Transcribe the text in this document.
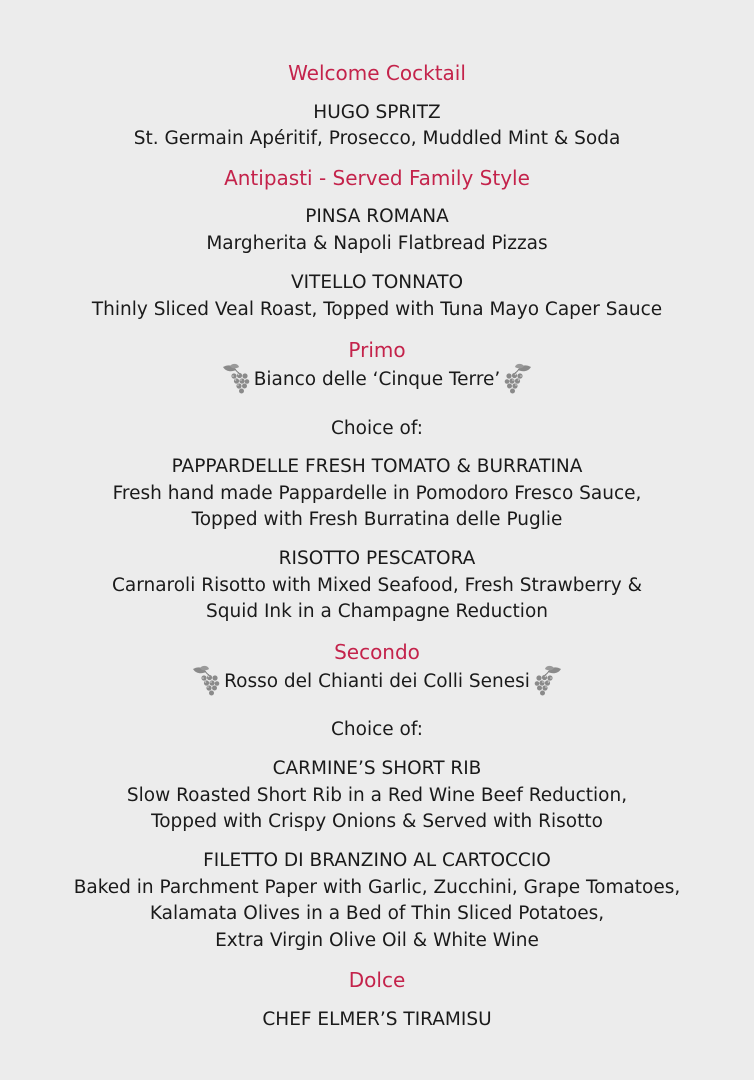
Welcome Cocktail
HUGO SPRITZ
St. Germain Apéritif, Prosecco, Muddled Mint & Soda
Antipasti - Served Family Style
PINSA ROMANA
Margherita & Napoli Flatbread Pizzas
VITELLO TONNATO
Thinly Sliced Veal Roast, Topped with Tuna Mayo Caper Sauce
Primo
Bianco delle ‘Cinque Terre’
Choice of:
PAPPARDELLE FRESH TOMATO & BURRATINA
Fresh hand made Pappardelle in Pomodoro Fresco Sauce,
Topped with Fresh Burratina delle Puglie
RISOTTO PESCATORA
Carnaroli Risotto with Mixed Seafood, Fresh Strawberry &
Squid Ink in a Champagne Reduction
Secondo
Rosso del Chianti dei Colli Senesi
Choice of:
CARMINE’S SHORT RIB
Slow Roasted Short Rib in a Red Wine Beef Reduction,
Topped with Crispy Onions & Served with Risotto
FILETTO DI BRANZINO AL CARTOCCIO
Baked in Parchment Paper with Garlic, Zucchini, Grape Tomatoes,
Kalamata Olives in a Bed of Thin Sliced Potatoes,
Extra Virgin Olive Oil & White Wine
Dolce
CHEF ELMER’S TIRAMISU
